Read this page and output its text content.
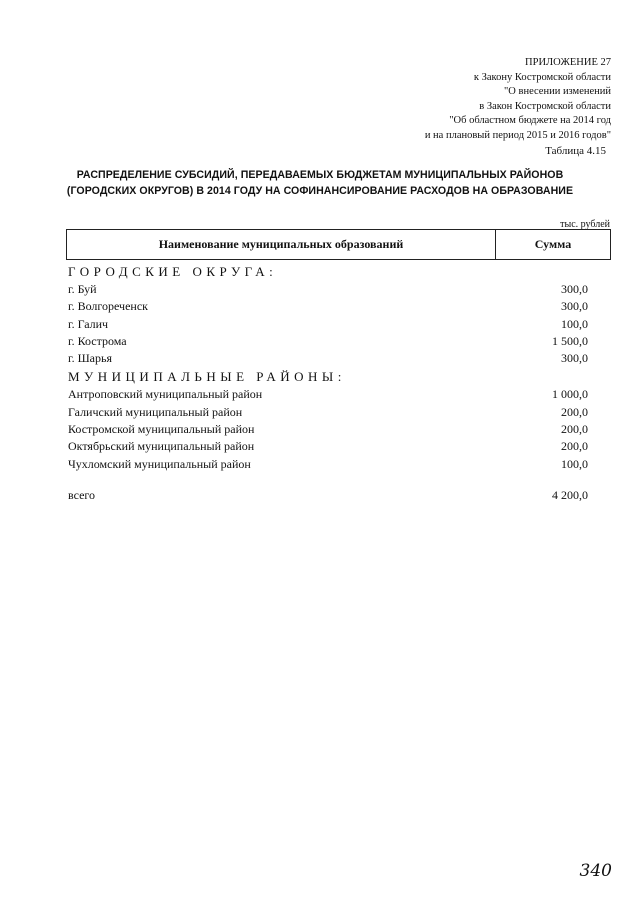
ПРИЛОЖЕНИЕ 27
к Закону Костромской области
"О внесении изменений
в Закон Костромской области
"Об областном бюджете на 2014 год
и на плановый период 2015 и 2016 годов"
Таблица 4.15
РАСПРЕДЕЛЕНИЕ СУБСИДИЙ, ПЕРЕДАВАЕМЫХ БЮДЖЕТАМ МУНИЦИПАЛЬНЫХ РАЙОНОВ
(ГОРОДСКИХ ОКРУГОВ) В 2014 ГОДУ НА СОФИНАНСИРОВАНИЕ РАСХОДОВ НА ОБРАЗОВАНИЕ
тыс. рублей
Наименование муниципальных образований	Сумма
ГОРОДСКИЕ ОКРУГА:
г. Буй	300,0
г. Волгореченск	300,0
г. Галич	100,0
г. Кострома	1 500,0
г. Шарья	300,0
МУНИЦИПАЛЬНЫЕ РАЙОНЫ:
Антроповский муниципальный район	1 000,0
Галичский муниципальный район	200,0
Костромской муниципальный район	200,0
Октябрьский муниципальный район	200,0
Чухломский муниципальный район	100,0
всего	4 200,0
340
